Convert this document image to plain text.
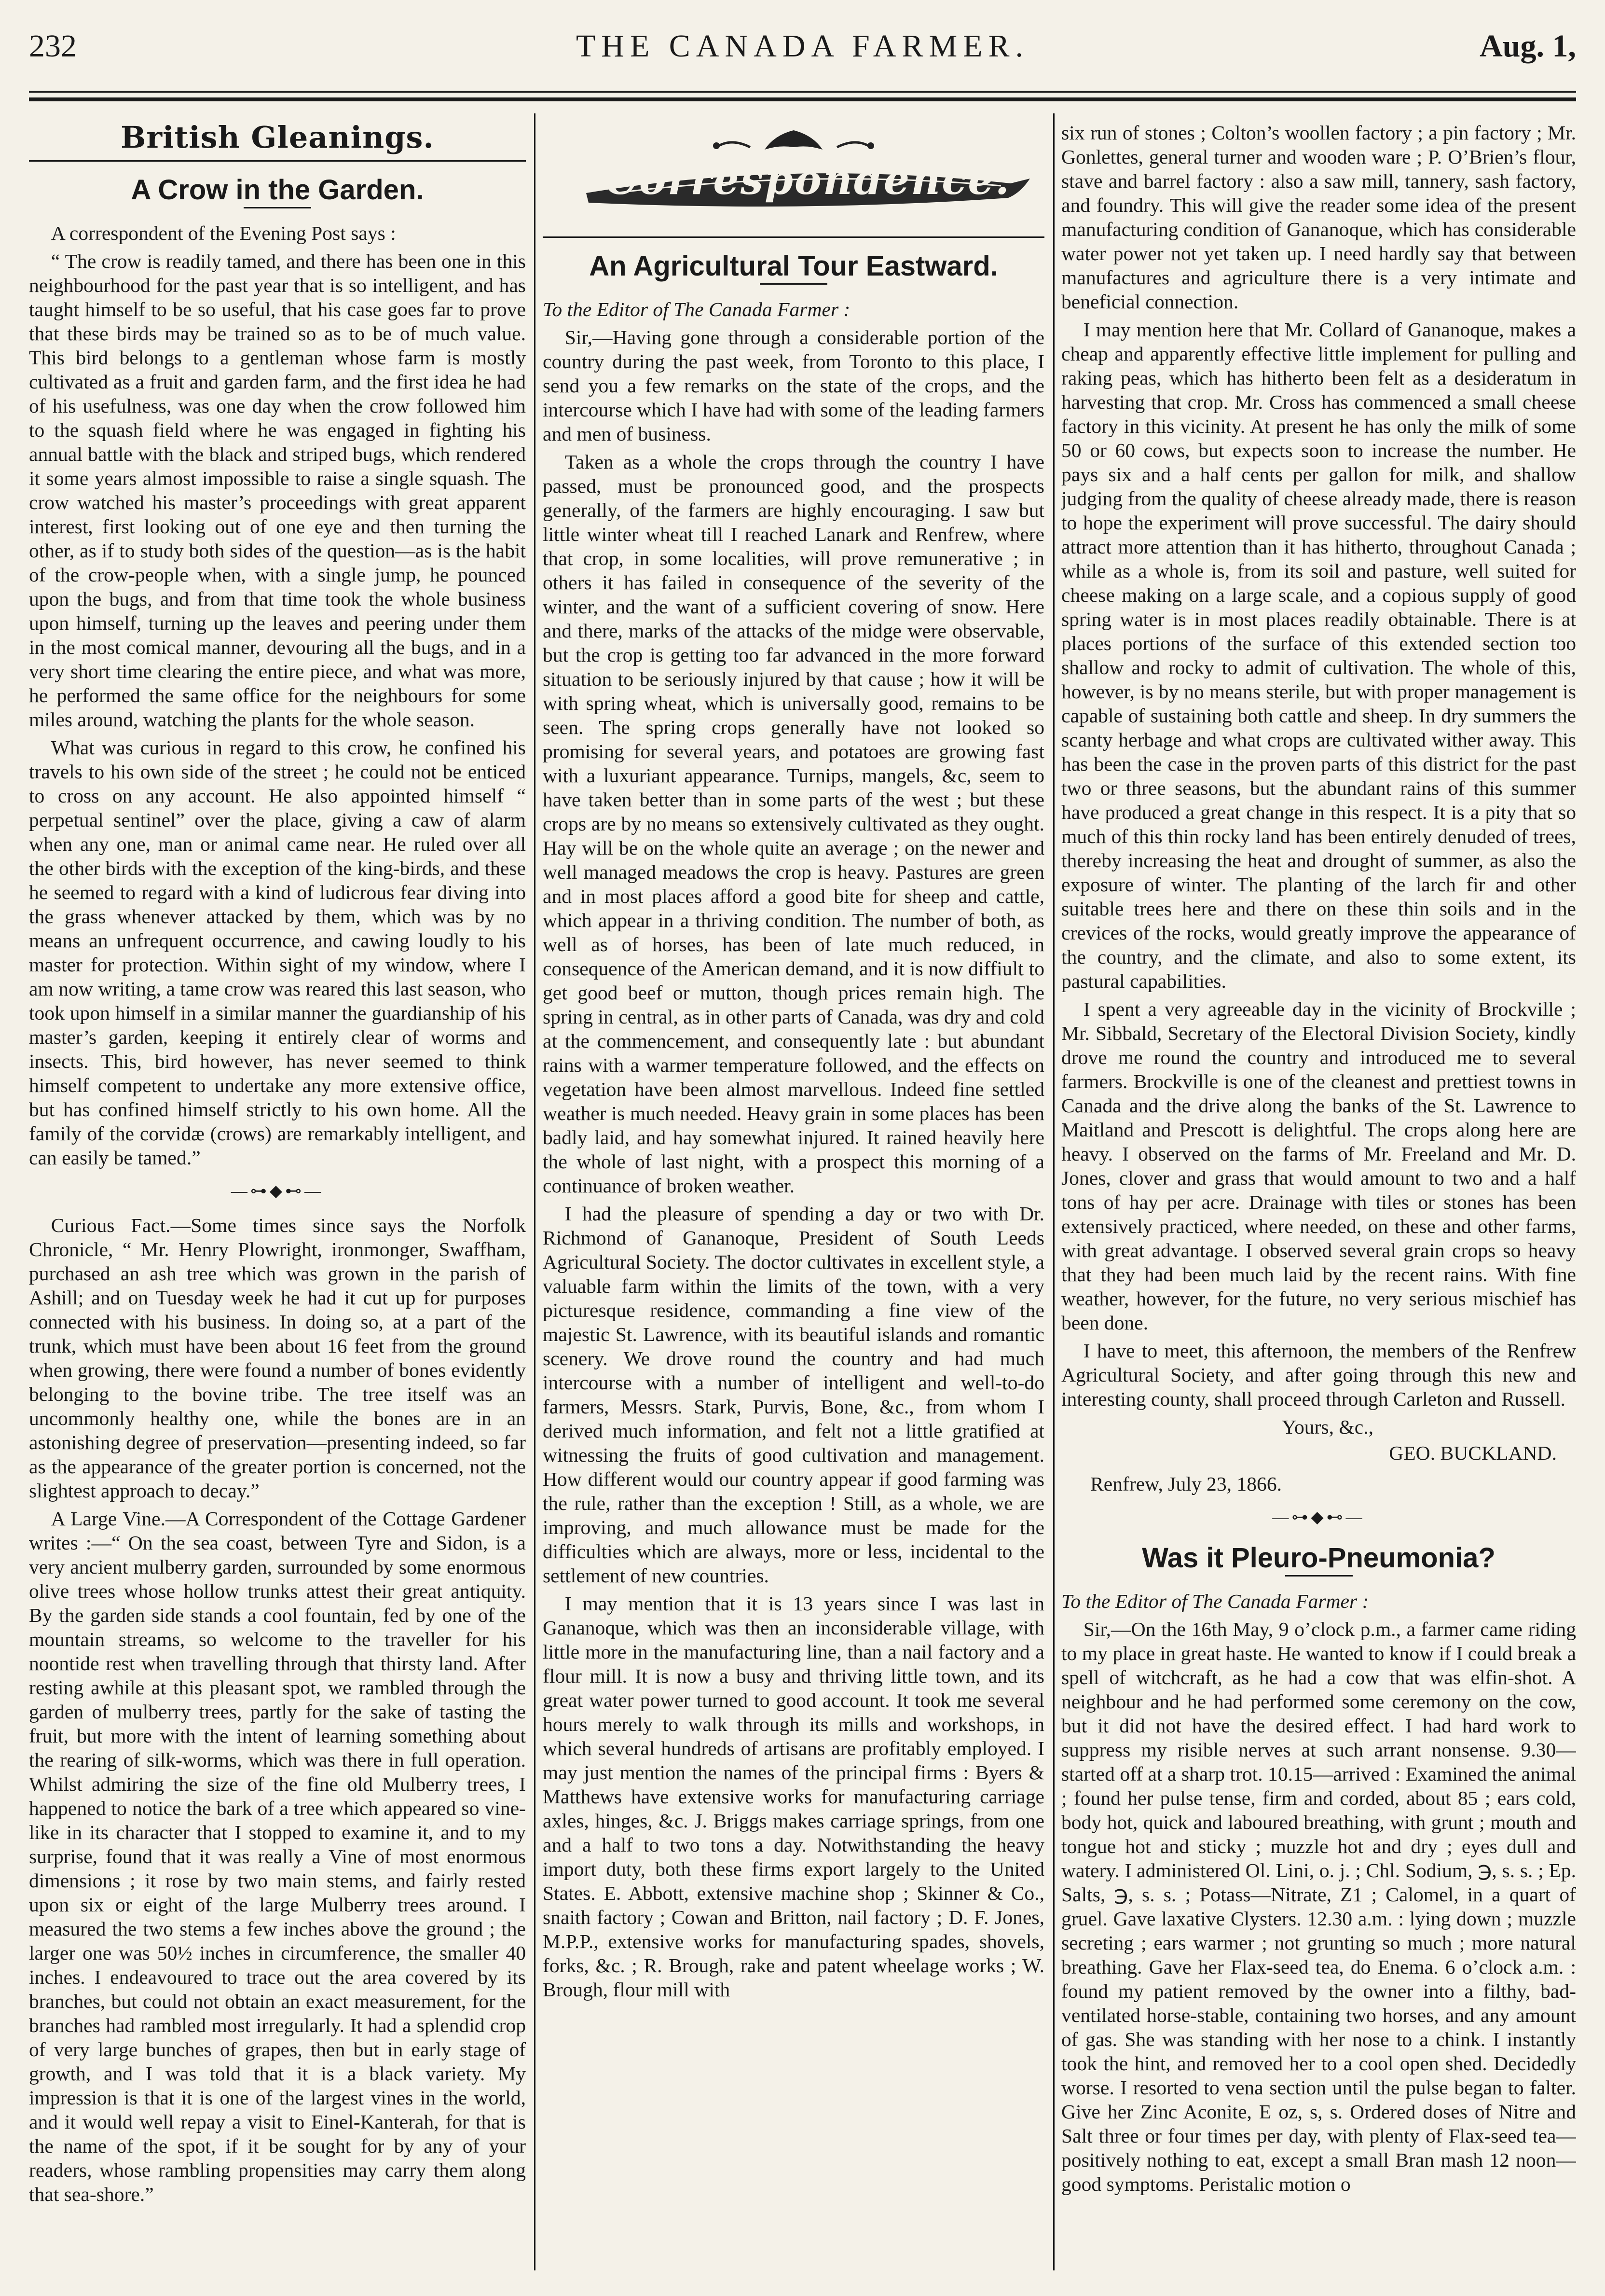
232	THE CANADA FARMER.	Aug. 1,
British Gleanings.
A Crow in the Garden.

A correspondent of the Evening Post says :

“ The crow is readily tamed, and there has been one in this neighbourhood for the past year that is so intelligent, and has taught himself to be so useful, that his case goes far to prove that these birds may be trained so as to be of much value. This bird belongs to a gentleman whose farm is mostly cultivated as a fruit and garden farm, and the first idea he had of his usefulness, was one day when the crow followed him to the squash field where he was engaged in fighting his annual battle with the black and striped bugs, which rendered it some years almost impossible to raise a single squash. The crow watched his master’s proceedings with great apparent interest, first looking out of one eye and then turning the other, as if to study both sides of the question—as is the habit of the crow-people when, with a single jump, he pounced upon the bugs, and from that time took the whole business upon himself, turning up the leaves and peering under them in the most comical manner, devouring all the bugs, and in a very short time clearing the entire piece, and what was more, he performed the same office for the neighbours for some miles around, watching the plants for the whole season.

What was curious in regard to this crow, he confined his travels to his own side of the street ; he could not be enticed to cross on any account. He also appointed himself “ perpetual sentinel” over the place, giving a caw of alarm when any one, man or animal came near. He ruled over all the other birds with the exception of the king-birds, and these he seemed to regard with a kind of ludicrous fear diving into the grass whenever attacked by them, which was by no means an unfrequent occurrence, and cawing loudly to his master for protection. Within sight of my window, where I am now writing, a tame crow was reared this last season, who took upon himself in a similar manner the guardianship of his master’s garden, keeping it entirely clear of worms and insects. This, bird however, has never seemed to think himself competent to undertake any more extensive office, but has confined himself strictly to his own home. All the family of the corvidæ (crows) are remarkably intelligent, and can easily be tamed.”

—⊶◆⊷—

Curious Fact.—Some times since says the Norfolk Chronicle, “ Mr. Henry Plowright, ironmonger, Swaffham, purchased an ash tree which was grown in the parish of Ashill; and on Tuesday week he had it cut up for purposes connected with his business. In doing so, at a part of the trunk, which must have been about 16 feet from the ground when growing, there were found a number of bones evidently belonging to the bovine tribe. The tree itself was an uncommonly healthy one, while the bones are in an astonishing degree of preservation—presenting indeed, so far as the appearance of the greater portion is concerned, not the slightest approach to decay.”

A Large Vine.—A Correspondent of the Cottage Gardener writes :—“ On the sea coast, between Tyre and Sidon, is a very ancient mulberry garden, surrounded by some enormous olive trees whose hollow trunks attest their great antiquity. By the garden side stands a cool fountain, fed by one of the mountain streams, so welcome to the traveller for his noontide rest when travelling through that thirsty land. After resting awhile at this pleasant spot, we rambled through the garden of mulberry trees, partly for the sake of tasting the fruit, but more with the intent of learning something about the rearing of silk-worms, which was there in full operation. Whilst admiring the size of the fine old Mulberry trees, I happened to notice the bark of a tree which appeared so vine-like in its character that I stopped to examine it, and to my surprise, found that it was really a Vine of most enormous dimensions ; it rose by two main stems, and fairly rested upon six or eight of the large Mulberry trees around. I measured the two stems a few inches above the ground ; the larger one was 50½ inches in circumference, the smaller 40 inches. I endeavoured to trace out the area covered by its branches, but could not obtain an exact measurement, for the branches had rambled most irregularly. It had a splendid crop of very large bunches of grapes, then but in early stage of growth, and I was told that it is a black variety. My impression is that it is one of the largest vines in the world, and it would well repay a visit to Einel-Kanterah, for that is the name of the spot, if it be sought for by any of your readers, whose rambling propensities may carry them along that sea-shore.”

Correspondence.
An Agricultural Tour Eastward.

To the Editor of The Canada Farmer :

Sir,—Having gone through a considerable portion of the country during the past week, from Toronto to this place, I send you a few remarks on the state of the crops, and the intercourse which I have had with some of the leading farmers and men of business.

Taken as a whole the crops through the country I have passed, must be pronounced good, and the prospects generally, of the farmers are highly encouraging. I saw but little winter wheat till I reached Lanark and Renfrew, where that crop, in some localities, will prove remunerative ; in others it has failed in consequence of the severity of the winter, and the want of a sufficient covering of snow. Here and there, marks of the attacks of the midge were observable, but the crop is getting too far advanced in the more forward situation to be seriously injured by that cause ; how it will be with spring wheat, which is universally good, remains to be seen. The spring crops generally have not looked so promising for several years, and potatoes are growing fast with a luxuriant appearance. Turnips, mangels, &c, seem to have taken better than in some parts of the west ; but these crops are by no means so extensively cultivated as they ought. Hay will be on the whole quite an average ; on the newer and well managed meadows the crop is heavy. Pastures are green and in most places afford a good bite for sheep and cattle, which appear in a thriving condition. The number of both, as well as of horses, has been of late much reduced, in consequence of the American demand, and it is now diffiult to get good beef or mutton, though prices remain high. The spring in central, as in other parts of Canada, was dry and cold at the commencement, and consequently late : but abundant rains with a warmer temperature followed, and the effects on vegetation have been almost marvellous. Indeed fine settled weather is much needed. Heavy grain in some places has been badly laid, and hay somewhat injured. It rained heavily here the whole of last night, with a prospect this morning of a continuance of broken weather.

I had the pleasure of spending a day or two with Dr. Richmond of Gananoque, President of South Leeds Agricultural Society. The doctor cultivates in excellent style, a valuable farm within the limits of the town, with a very picturesque residence, commanding a fine view of the majestic St. Lawrence, with its beautiful islands and romantic scenery. We drove round the country and had much intercourse with a number of intelligent and well-to-do farmers, Messrs. Stark, Purvis, Bone, &c., from whom I derived much information, and felt not a little gratified at witnessing the fruits of good cultivation and management. How different would our country appear if good farming was the rule, rather than the exception ! Still, as a whole, we are improving, and much allowance must be made for the difficulties which are always, more or less, incidental to the settlement of new countries.

I may mention that it is 13 years since I was last in Gananoque, which was then an inconsiderable village, with little more in the manufacturing line, than a nail factory and a flour mill. It is now a busy and thriving little town, and its great water power turned to good account. It took me several hours merely to walk through its mills and workshops, in which several hundreds of artisans are profitably employed. I may just mention the names of the principal firms : Byers & Matthews have extensive works for manufacturing carriage axles, hinges, &c. J. Briggs makes carriage springs, from one and a half to two tons a day. Notwithstanding the heavy import duty, both these firms export largely to the United States. E. Abbott, extensive machine shop ; Skinner & Co., snaith factory ; Cowan and Britton, nail factory ; D. F. Jones, M.P.P., extensive works for manufacturing spades, shovels, forks, &c. ; R. Brough, rake and patent wheelage works ; W. Brough, flour mill with

six run of stones ; Colton’s woollen factory ; a pin factory ; Mr. Gonlettes, general turner and wooden ware ; P. O’Brien’s flour, stave and barrel factory : also a saw mill, tannery, sash factory, and foundry. This will give the reader some idea of the present manufacturing condition of Gananoque, which has considerable water power not yet taken up. I need hardly say that between manufactures and agriculture there is a very intimate and beneficial connection.

I may mention here that Mr. Collard of Gananoque, makes a cheap and apparently effective little implement for pulling and raking peas, which has hitherto been felt as a desideratum in harvesting that crop. Mr. Cross has commenced a small cheese factory in this vicinity. At present he has only the milk of some 50 or 60 cows, but expects soon to increase the number. He pays six and a half cents per gallon for milk, and shallow judging from the quality of cheese already made, there is reason to hope the experiment will prove successful. The dairy should attract more attention than it has hitherto, throughout Canada ; while as a whole is, from its soil and pasture, well suited for cheese making on a large scale, and a copious supply of good spring water is in most places readily obtainable. There is at places portions of the surface of this extended section too shallow and rocky to admit of cultivation. The whole of this, however, is by no means sterile, but with proper management is capable of sustaining both cattle and sheep. In dry summers the scanty herbage and what crops are cultivated wither away. This has been the case in the proven parts of this district for the past two or three seasons, but the abundant rains of this summer have produced a great change in this respect. It is a pity that so much of this thin rocky land has been entirely denuded of trees, thereby increasing the heat and drought of summer, as also the exposure of winter. The planting of the larch fir and other suitable trees here and there on these thin soils and in the crevices of the rocks, would greatly improve the appearance of the country, and the climate, and also to some extent, its pastural capabilities.

I spent a very agreeable day in the vicinity of Brockville ; Mr. Sibbald, Secretary of the Electoral Division Society, kindly drove me round the country and introduced me to several farmers. Brockville is one of the cleanest and prettiest towns in Canada and the drive along the banks of the St. Lawrence to Maitland and Prescott is delightful. The crops along here are heavy. I observed on the farms of Mr. Freeland and Mr. D. Jones, clover and grass that would amount to two and a half tons of hay per acre. Drainage with tiles or stones has been extensively practiced, where needed, on these and other farms, with great advantage. I observed several grain crops so heavy that they had been much laid by the recent rains. With fine weather, however, for the future, no very serious mischief has been done.

I have to meet, this afternoon, the members of the Renfrew Agricultural Society, and after going through this new and interesting county, shall proceed through Carleton and Russell.

Yours, &c.,
GEO. BUCKLAND.
Renfrew, July 23, 1866.
—⊶◆⊷—
Was it Pleuro-Pneumonia?

To the Editor of The Canada Farmer :

Sir,—On the 16th May, 9 o’clock p.m., a farmer came riding to my place in great haste. He wanted to know if I could break a spell of witchcraft, as he had a cow that was elfin-shot. A neighbour and he had performed some ceremony on the cow, but it did not have the desired effect. I had hard work to suppress my risible nerves at such arrant nonsense. 9.30—started off at a sharp trot. 10.15—arrived : Examined the animal ; found her pulse tense, firm and corded, about 85 ; ears cold, body hot, quick and laboured breathing, with grunt ; mouth and tongue hot and sticky ; muzzle hot and dry ; eyes dull and watery. I administered Ol. Lini, o. j. ; Chl. Sodium, ℈, s. s. ; Ep. Salts, ℈, s. s. ; Potass—Nitrate, Z1 ; Calomel, in a quart of gruel. Gave laxative Clysters. 12.30 a.m. : lying down ; muzzle secreting ; ears warmer ; not grunting so much ; more natural breathing. Gave her Flax-seed tea, do Enema. 6 o’clock a.m. : found my patient removed by the owner into a filthy, bad-ventilated horse-stable, containing two horses, and any amount of gas. She was standing with her nose to a chink. I instantly took the hint, and removed her to a cool open shed. Decidedly worse. I resorted to vena section until the pulse began to falter. Give her Zinc Aconite, E oz, s, s. Ordered doses of Nitre and Salt three or four times per day, with plenty of Flax-seed tea—positively nothing to eat, except a small Bran mash 12 noon—good symptoms. Peristalic motion o
